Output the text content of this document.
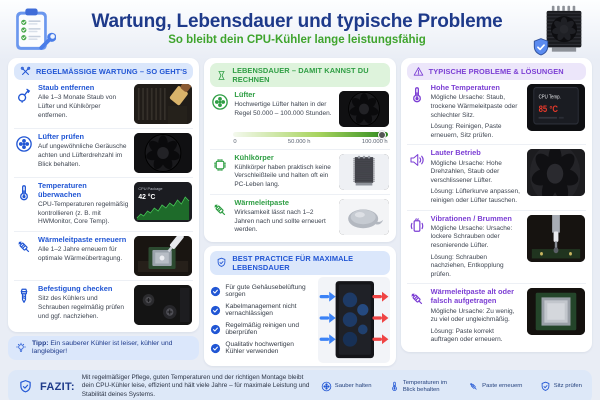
Wartung, Lebensdauer und typische Probleme
So bleibt dein CPU-Kühler lange leistungsfähig
REGELMÄSSIGE WARTUNG – SO GEHT'S
Staub entfernen
Alle 1–3 Monate Staub von Lüfter und Kühlkörper entfernen.
Lüfter prüfen
Auf ungewöhnliche Geräusche achten und Lüfterdrehzahl im Blick behalten.
Temperaturen überwachen
CPU-Temperaturen regelmäßig kontrollieren (z. B. mit HWMonitor, Core Temp).
CPU Package
42 °C
Wärmeleitpaste erneuern
Alle 1–2 Jahre erneuern für optimale Wärmeübertragung.
Befestigung checken
Sitz des Kühlers und Schrauben regelmäßig prüfen und ggf. nachziehen.
Tipp: Ein sauberer Kühler ist leiser, kühler und langlebiger!
LEBENSDAUER – DAMIT KANNST DU RECHNEN
Lüfter
Hochwertige Lüfter halten in der Regel 50.000 – 100.000 Stunden.
0	50.000 h	100.000 h
Kühlkörper
Kühlkörper haben praktisch keine Verschleißteile und halten oft ein PC-Leben lang.
Wärmeleitpaste
Wirksamkeit lässt nach 1–2 Jahren nach und sollte erneuert werden.
BEST PRACTICE FÜR MAXIMALE LEBENSDAUER
Für gute Gehäusebelüftung sorgen
Kabelmanagement nicht vernachlässigen
Regelmäßig reinigen und überprüfen
Qualitativ hochwertigen Kühler verwenden
TYPISCHE PROBLEME & LÖSUNGEN
Hohe Temperaturen
Mögliche Ursache: Staub, trockene Wärmeleitpaste oder schlechter Sitz.
Lösung: Reinigen, Paste erneuern, Sitz prüfen.
CPU Temp.
85 °C
Lauter Betrieb
Mögliche Ursache: Hohe Drehzahlen, Staub oder verschlissener Lüfter.
Lösung: Lüfterkurve anpassen, reinigen oder Lüfter tauschen.
Vibrationen / Brummen
Mögliche Ursache: Ursache: lockere Schrauben oder resonierende Lüfter.
Lösung: Schrauben nachziehen, Entkopplung prüfen.
Wärmeleitpaste alt oder falsch aufgetragen
Mögliche Ursache: Zu wenig, zu viel oder ungleichmäßig.
Lösung: Paste korrekt auftragen oder erneuern.
FAZIT:
Mit regelmäßiger Pflege, guten Temperaturen und der richtigen Montage bleibt dein CPU-Kühler leise, effizient und hält viele Jahre – für maximale Leistung und Stabilität deines Systems.
Sauber halten
Temperaturen im Blick behalten
Paste erneuern	Sitz prüfen
